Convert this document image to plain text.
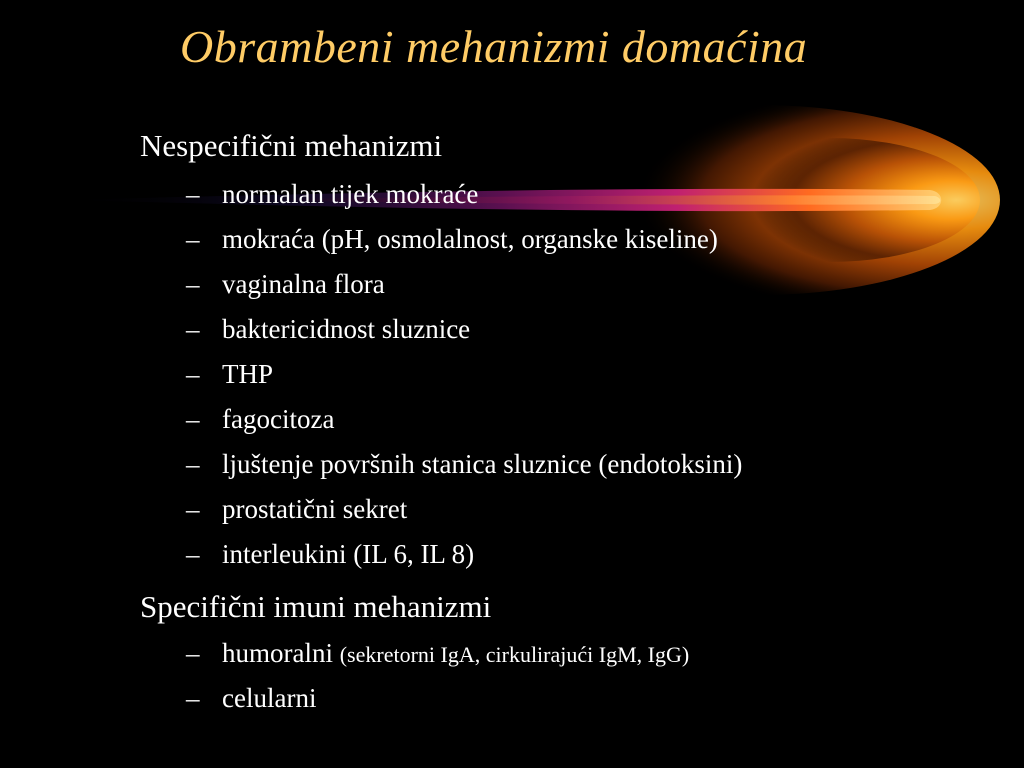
Obrambeni mehanizmi domaćina
Nespecifični mehanizmi
– normalan tijek mokraće
– mokraća (pH, osmolalnost, organske kiseline)
– vaginalna flora
– baktericidnost sluznice
– THP
– fagocitoza
– ljuštenje površnih stanica sluznice (endotoksini)
– prostatični sekret
– interleukini (IL 6, IL 8)
Specifični imuni mehanizmi
– humoralni (sekretorni IgA, cirkulirajući IgM, IgG)
– celularni
